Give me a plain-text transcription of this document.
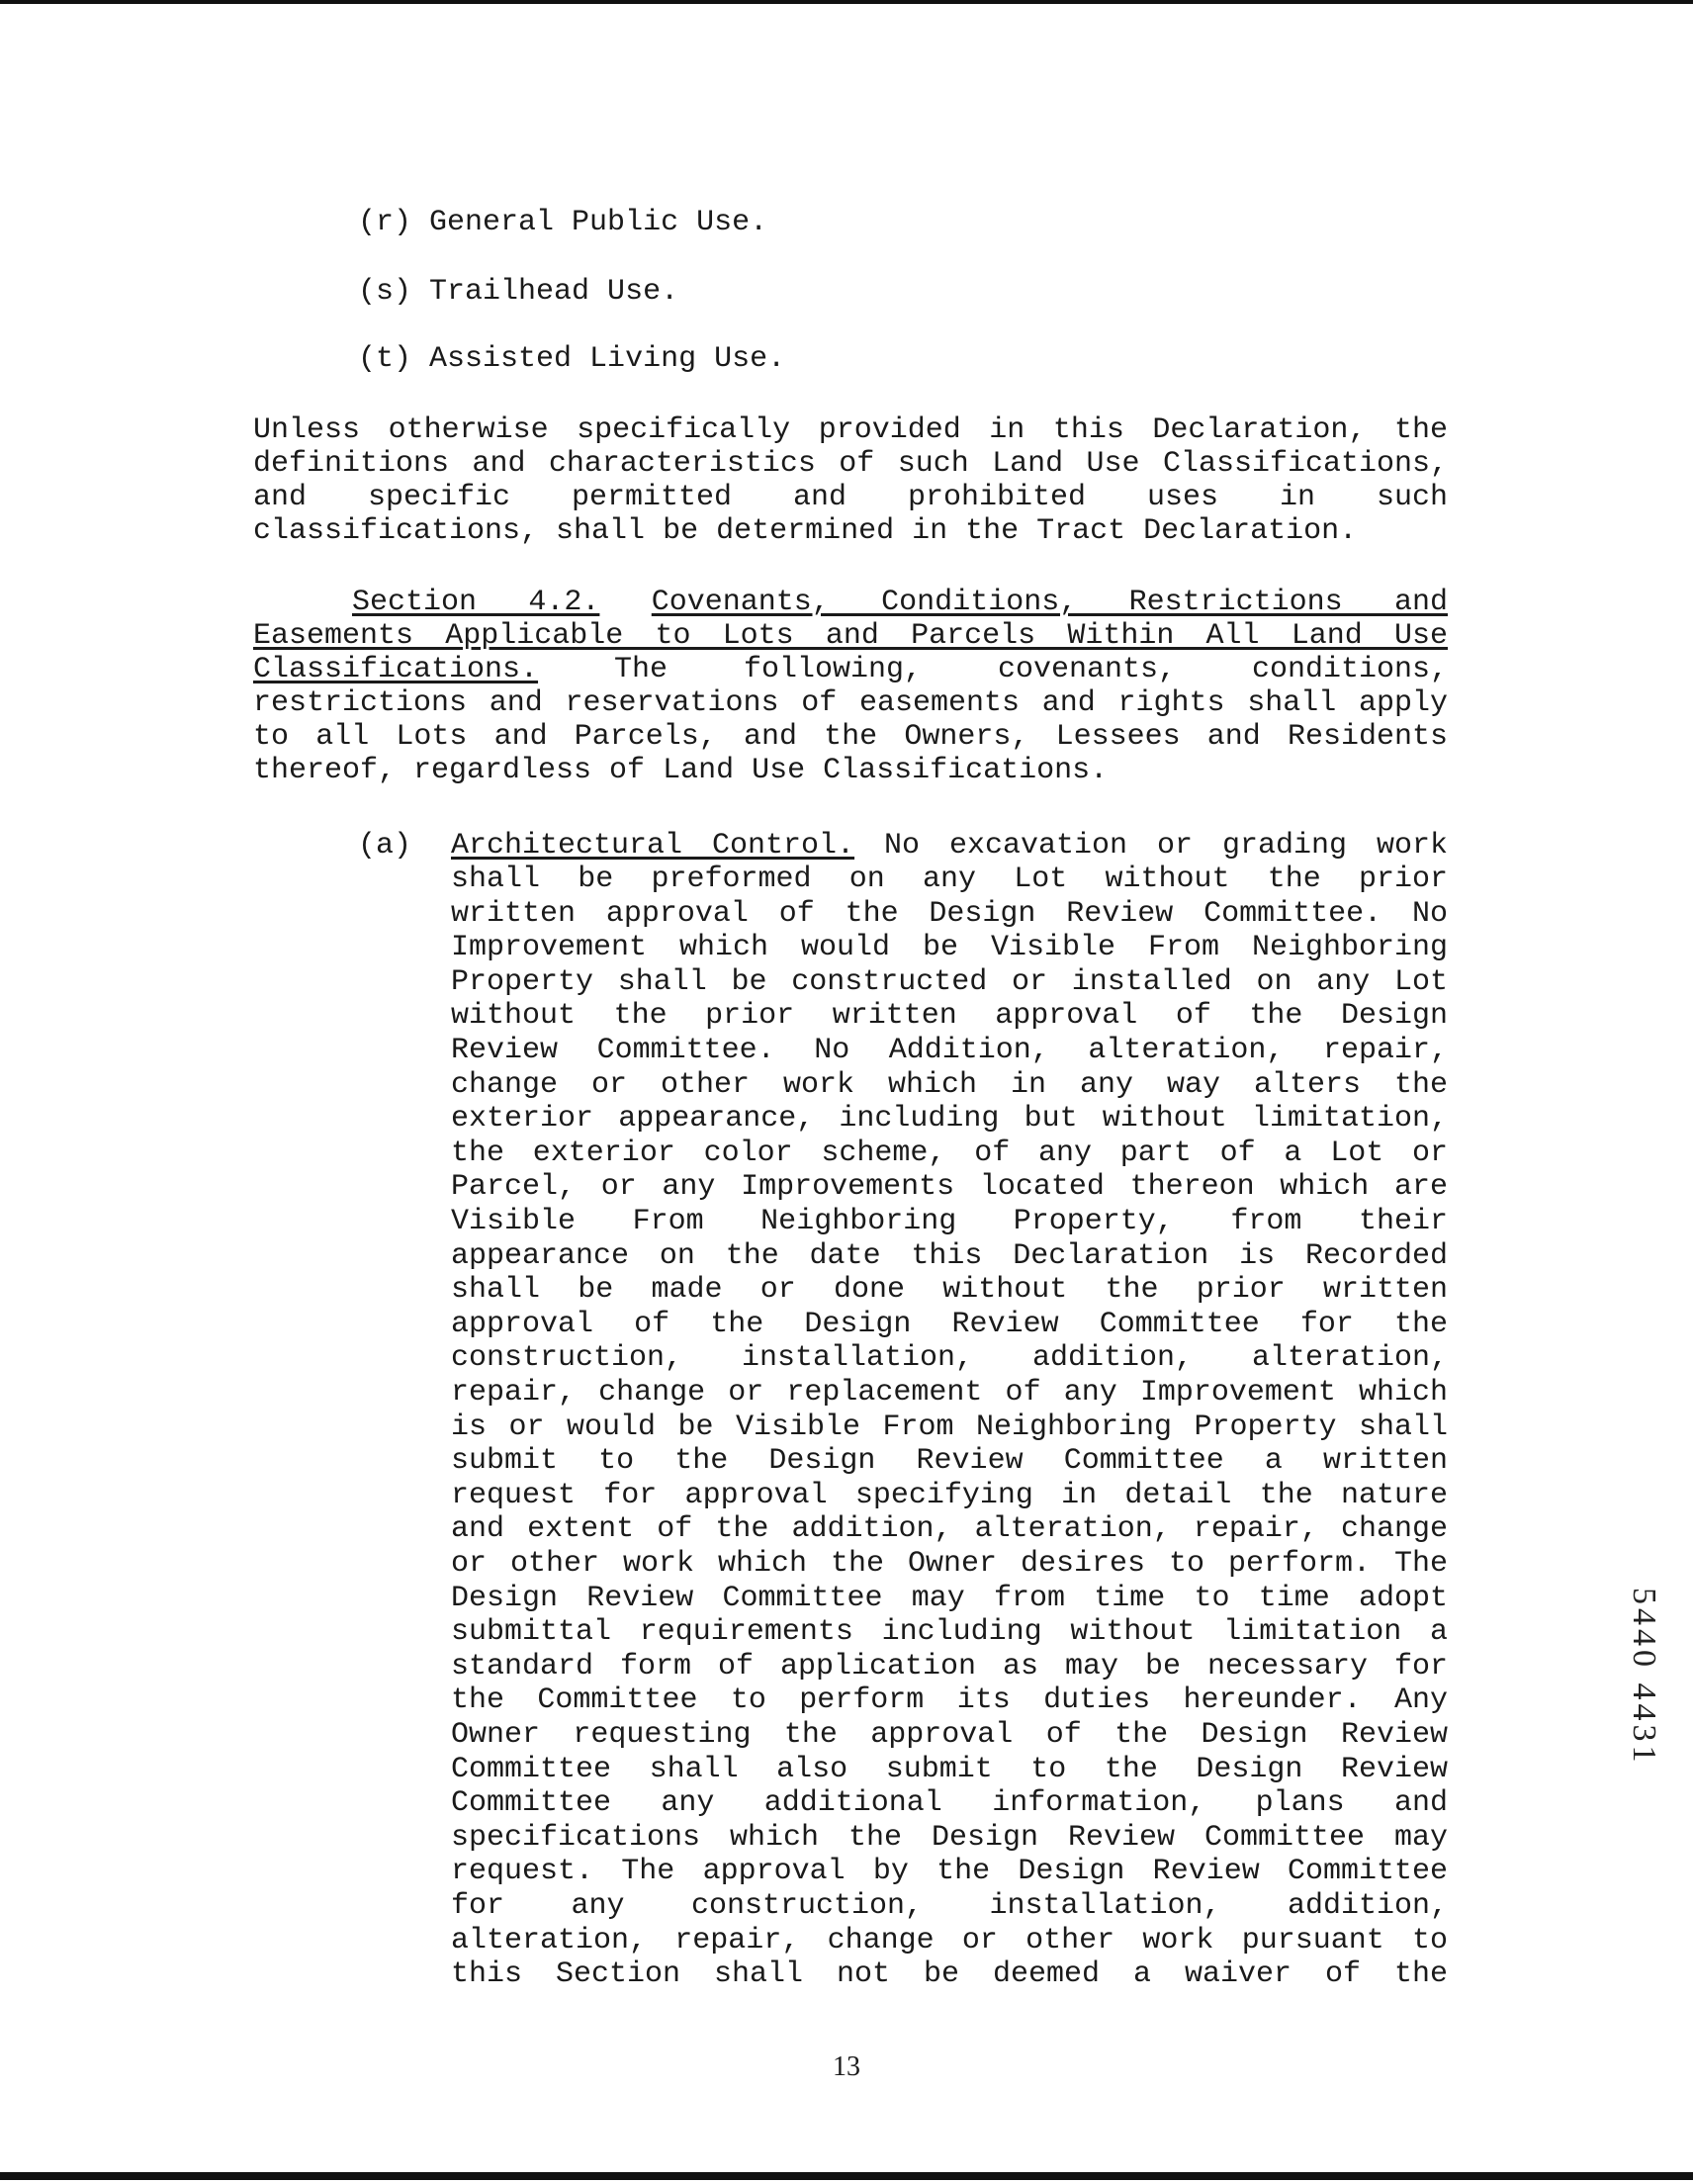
(r) General Public Use.
(s) Trailhead Use.
(t) Assisted Living Use.
Unless otherwise specifically provided in this Declaration, the
definitions and characteristics of such Land Use Classifications,
and specific permitted and prohibited uses in such
classifications, shall be determined in the Tract Declaration.
Section 4.2. Covenants, Conditions, Restrictions and
Easements Applicable to Lots and Parcels Within All Land Use
Classifications.	The following, covenants, conditions,
restrictions and reservations of easements and rights shall apply
to all Lots and Parcels, and the Owners, Lessees and Residents
thereof, regardless of Land Use Classifications.
(a) Architectural Control. No excavation or grading work
shall be preformed on any Lot without the prior
written approval of the Design Review Committee. No
Improvement which would be Visible From Neighboring
Property shall be constructed or installed on any Lot
without the prior written approval of the Design
Review Committee. No Addition, alteration, repair,
change or other work which in any way alters the
exterior appearance, including but without limitation,
the exterior color scheme, of any part of a Lot or
Parcel, or any Improvements located thereon which are
Visible From Neighboring Property, from their
appearance on the date this Declaration is Recorded
shall be made or done without the prior written
approval of the Design Review Committee for the
construction, installation, addition, alteration,
repair, change or replacement of any Improvement which
is or would be Visible From Neighboring Property shall
submit to the Design Review Committee a written
request for approval specifying in detail the nature
and extent of the addition, alteration, repair, change
or other work which the Owner desires to perform. The
Design Review Committee may from time to time adopt
submittal requirements including without limitation a
standard form of application as may be necessary for
the Committee to perform its duties hereunder. Any
Owner requesting the approval of the Design Review
Committee shall also submit to the Design Review
Committee any additional information, plans and
specifications which the Design Review Committee may
request. The approval by the Design Review Committee
for any construction, installation, addition,
alteration, repair, change or other work pursuant to
this Section shall not be deemed a waiver of the
13
5440 4431
